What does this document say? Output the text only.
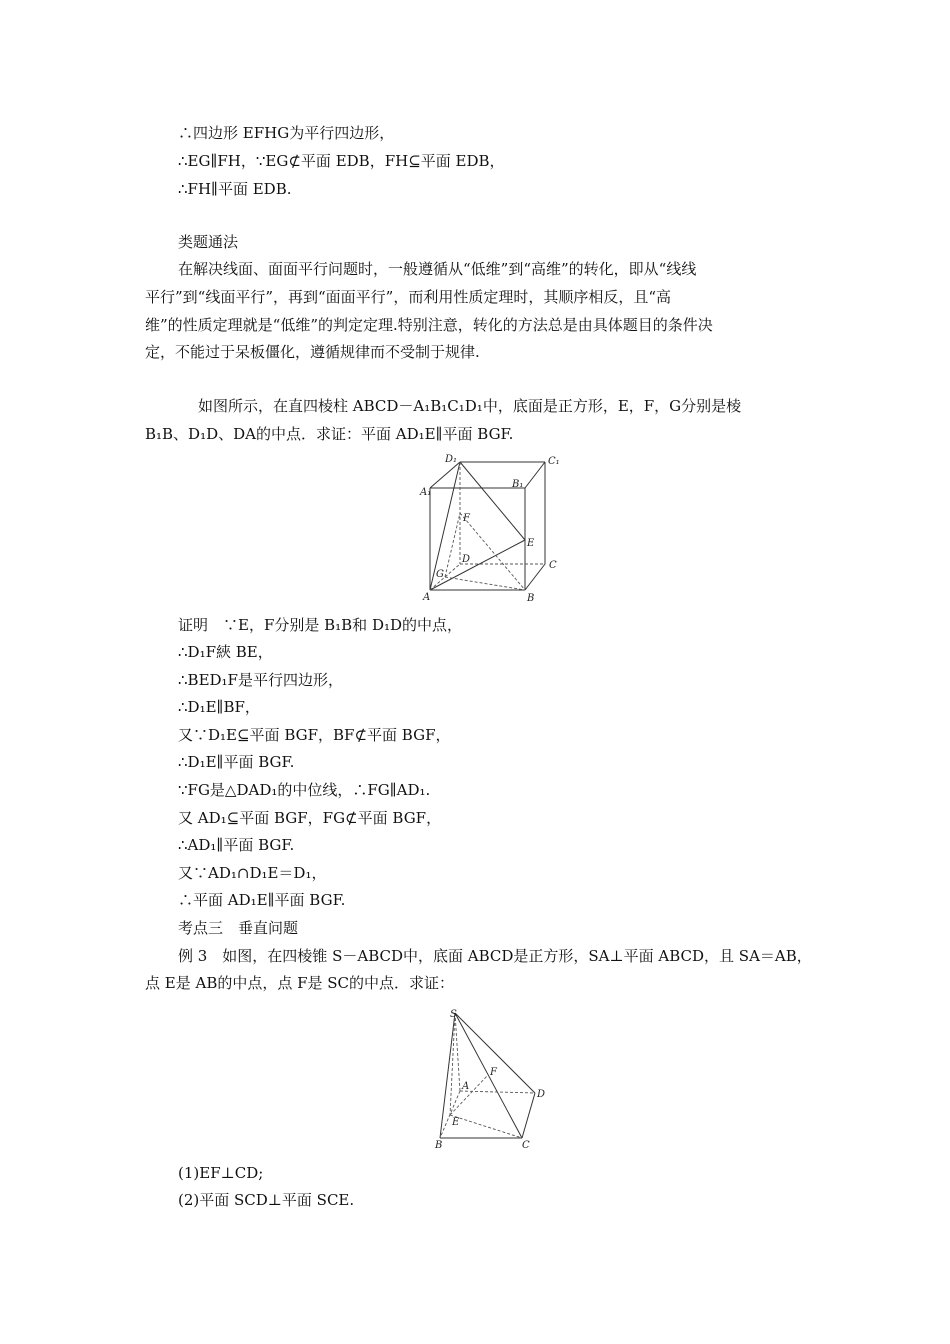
∴四边形 EFHG为平行四边形，
∴EG∥FH，∵EG⊄平面 EDB，FH⊆平面 EDB，
∴FH∥平面 EDB.
类题通法
在解决线面、面面平行问题时，一般遵循从“低维”到“高维”的转化，即从“线线
平行”到“线面平行”，再到“面面平行”，而利用性质定理时，其顺序相反，且“高
维”的性质定理就是“低维”的判定定理.特别注意，转化的方法总是由具体题目的条件决
定，不能过于呆板僵化，遵循规律而不受制于规律.
如图所示，在直四棱柱 ABCD－A₁B₁C₁D₁中，底面是正方形，E，F，G分别是棱
B₁B、D₁D、DA的中点．求证：平面 AD₁E∥平面 BGF.
D₁	C₁
A₁
B₁
F
E
D
C
G
A	B
证明　∵E，F分别是 B₁B和 D₁D的中点，
∴D₁F綊 BE，
∴BED₁F是平行四边形，
∴D₁E∥BF，
又∵D₁E⊆平面 BGF，BF⊄平面 BGF，
∴D₁E∥平面 BGF.
∵FG是△DAD₁的中位线，∴FG∥AD₁.
又 AD₁⊆平面 BGF，FG⊄平面 BGF，
∴AD₁∥平面 BGF.
又∵AD₁∩D₁E＝D₁，
∴平面 AD₁E∥平面 BGF.
考点三　垂直问题
例 3　如图，在四棱锥 S－ABCD中，底面 ABCD是正方形，SA⊥平面 ABCD，且 SA＝AB，
点 E是 AB的中点，点 F是 SC的中点．求证：
S
F
A
D
E
B	C
(1)EF⊥CD;
(2)平面 SCD⊥平面 SCE.
